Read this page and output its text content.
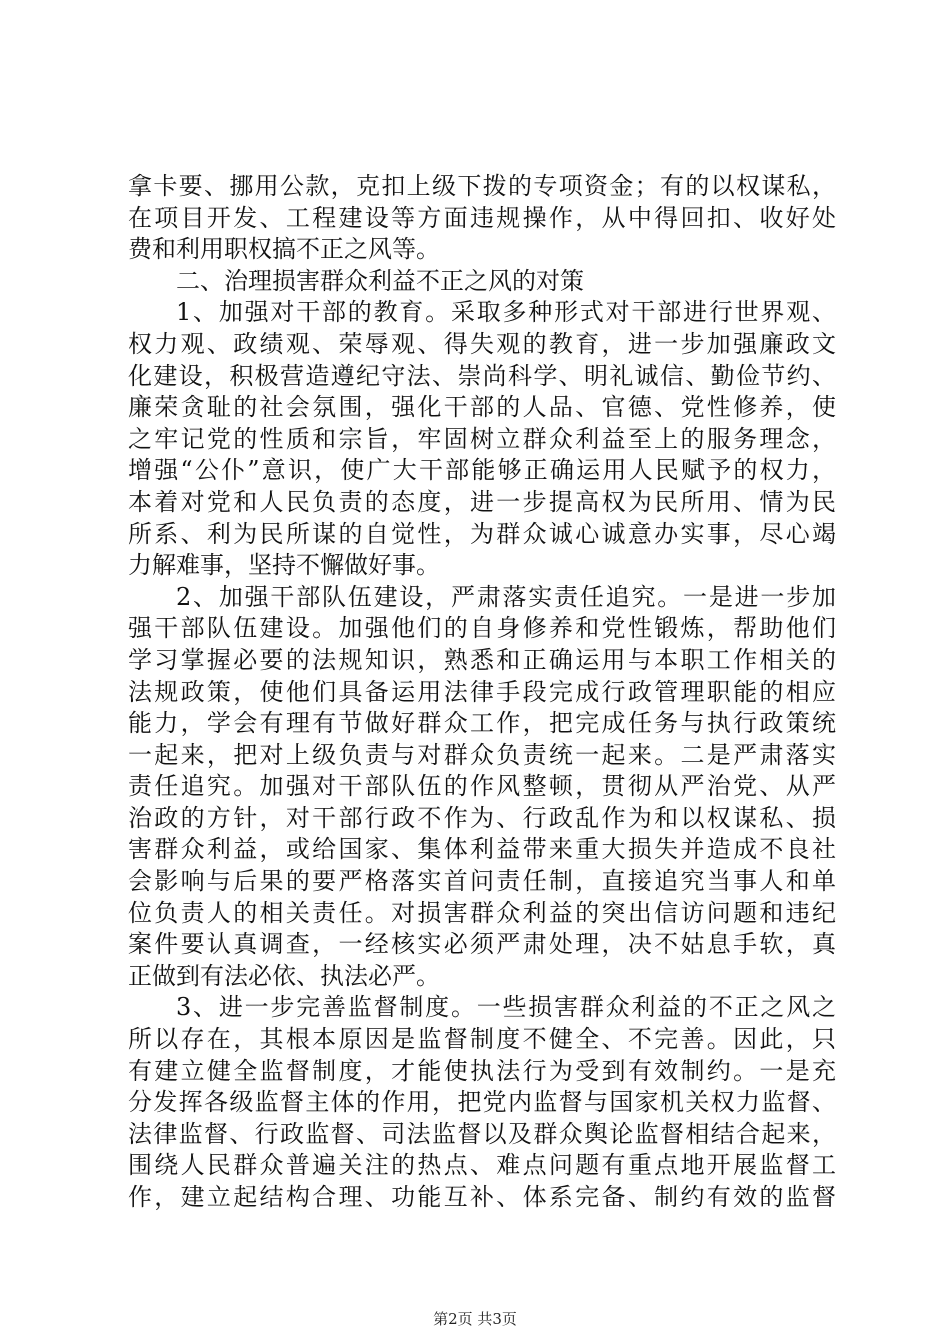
拿卡要、挪用公款，克扣上级下拨的专项资金；有的以权谋私，
在项目开发、工程建设等方面违规操作，从中得回扣、收好处
费和利用职权搞不正之风等。
二、治理损害群众利益不正之风的对策
1、加强对干部的教育。采取多种形式对干部进行世界观、
权力观、政绩观、荣辱观、得失观的教育，进一步加强廉政文
化建设，积极营造遵纪守法、崇尚科学、明礼诚信、勤俭节约、
廉荣贪耻的社会氛围，强化干部的人品、官德、党性修养，使
之牢记党的性质和宗旨，牢固树立群众利益至上的服务理念，
增强“公仆”意识，使广大干部能够正确运用人民赋予的权力，
本着对党和人民负责的态度，进一步提高权为民所用、情为民
所系、利为民所谋的自觉性，为群众诚心诚意办实事，尽心竭
力解难事，坚持不懈做好事。
2、加强干部队伍建设，严肃落实责任追究。一是进一步加
强干部队伍建设。加强他们的自身修养和党性锻炼，帮助他们
学习掌握必要的法规知识，熟悉和正确运用与本职工作相关的
法规政策，使他们具备运用法律手段完成行政管理职能的相应
能力，学会有理有节做好群众工作，把完成任务与执行政策统
一起来，把对上级负责与对群众负责统一起来。二是严肃落实
责任追究。加强对干部队伍的作风整顿，贯彻从严治党、从严
治政的方针，对干部行政不作为、行政乱作为和以权谋私、损
害群众利益，或给国家、集体利益带来重大损失并造成不良社
会影响与后果的要严格落实首问责任制，直接追究当事人和单
位负责人的相关责任。对损害群众利益的突出信访问题和违纪
案件要认真调查，一经核实必须严肃处理，决不姑息手软，真
正做到有法必依、执法必严。
3、进一步完善监督制度。一些损害群众利益的不正之风之
所以存在，其根本原因是监督制度不健全、不完善。因此，只
有建立健全监督制度，才能使执法行为受到有效制约。一是充
分发挥各级监督主体的作用，把党内监督与国家机关权力监督、
法律监督、行政监督、司法监督以及群众舆论监督相结合起来，
围绕人民群众普遍关注的热点、难点问题有重点地开展监督工
作，建立起结构合理、功能互补、体系完备、制约有效的监督
第2页 共3页
